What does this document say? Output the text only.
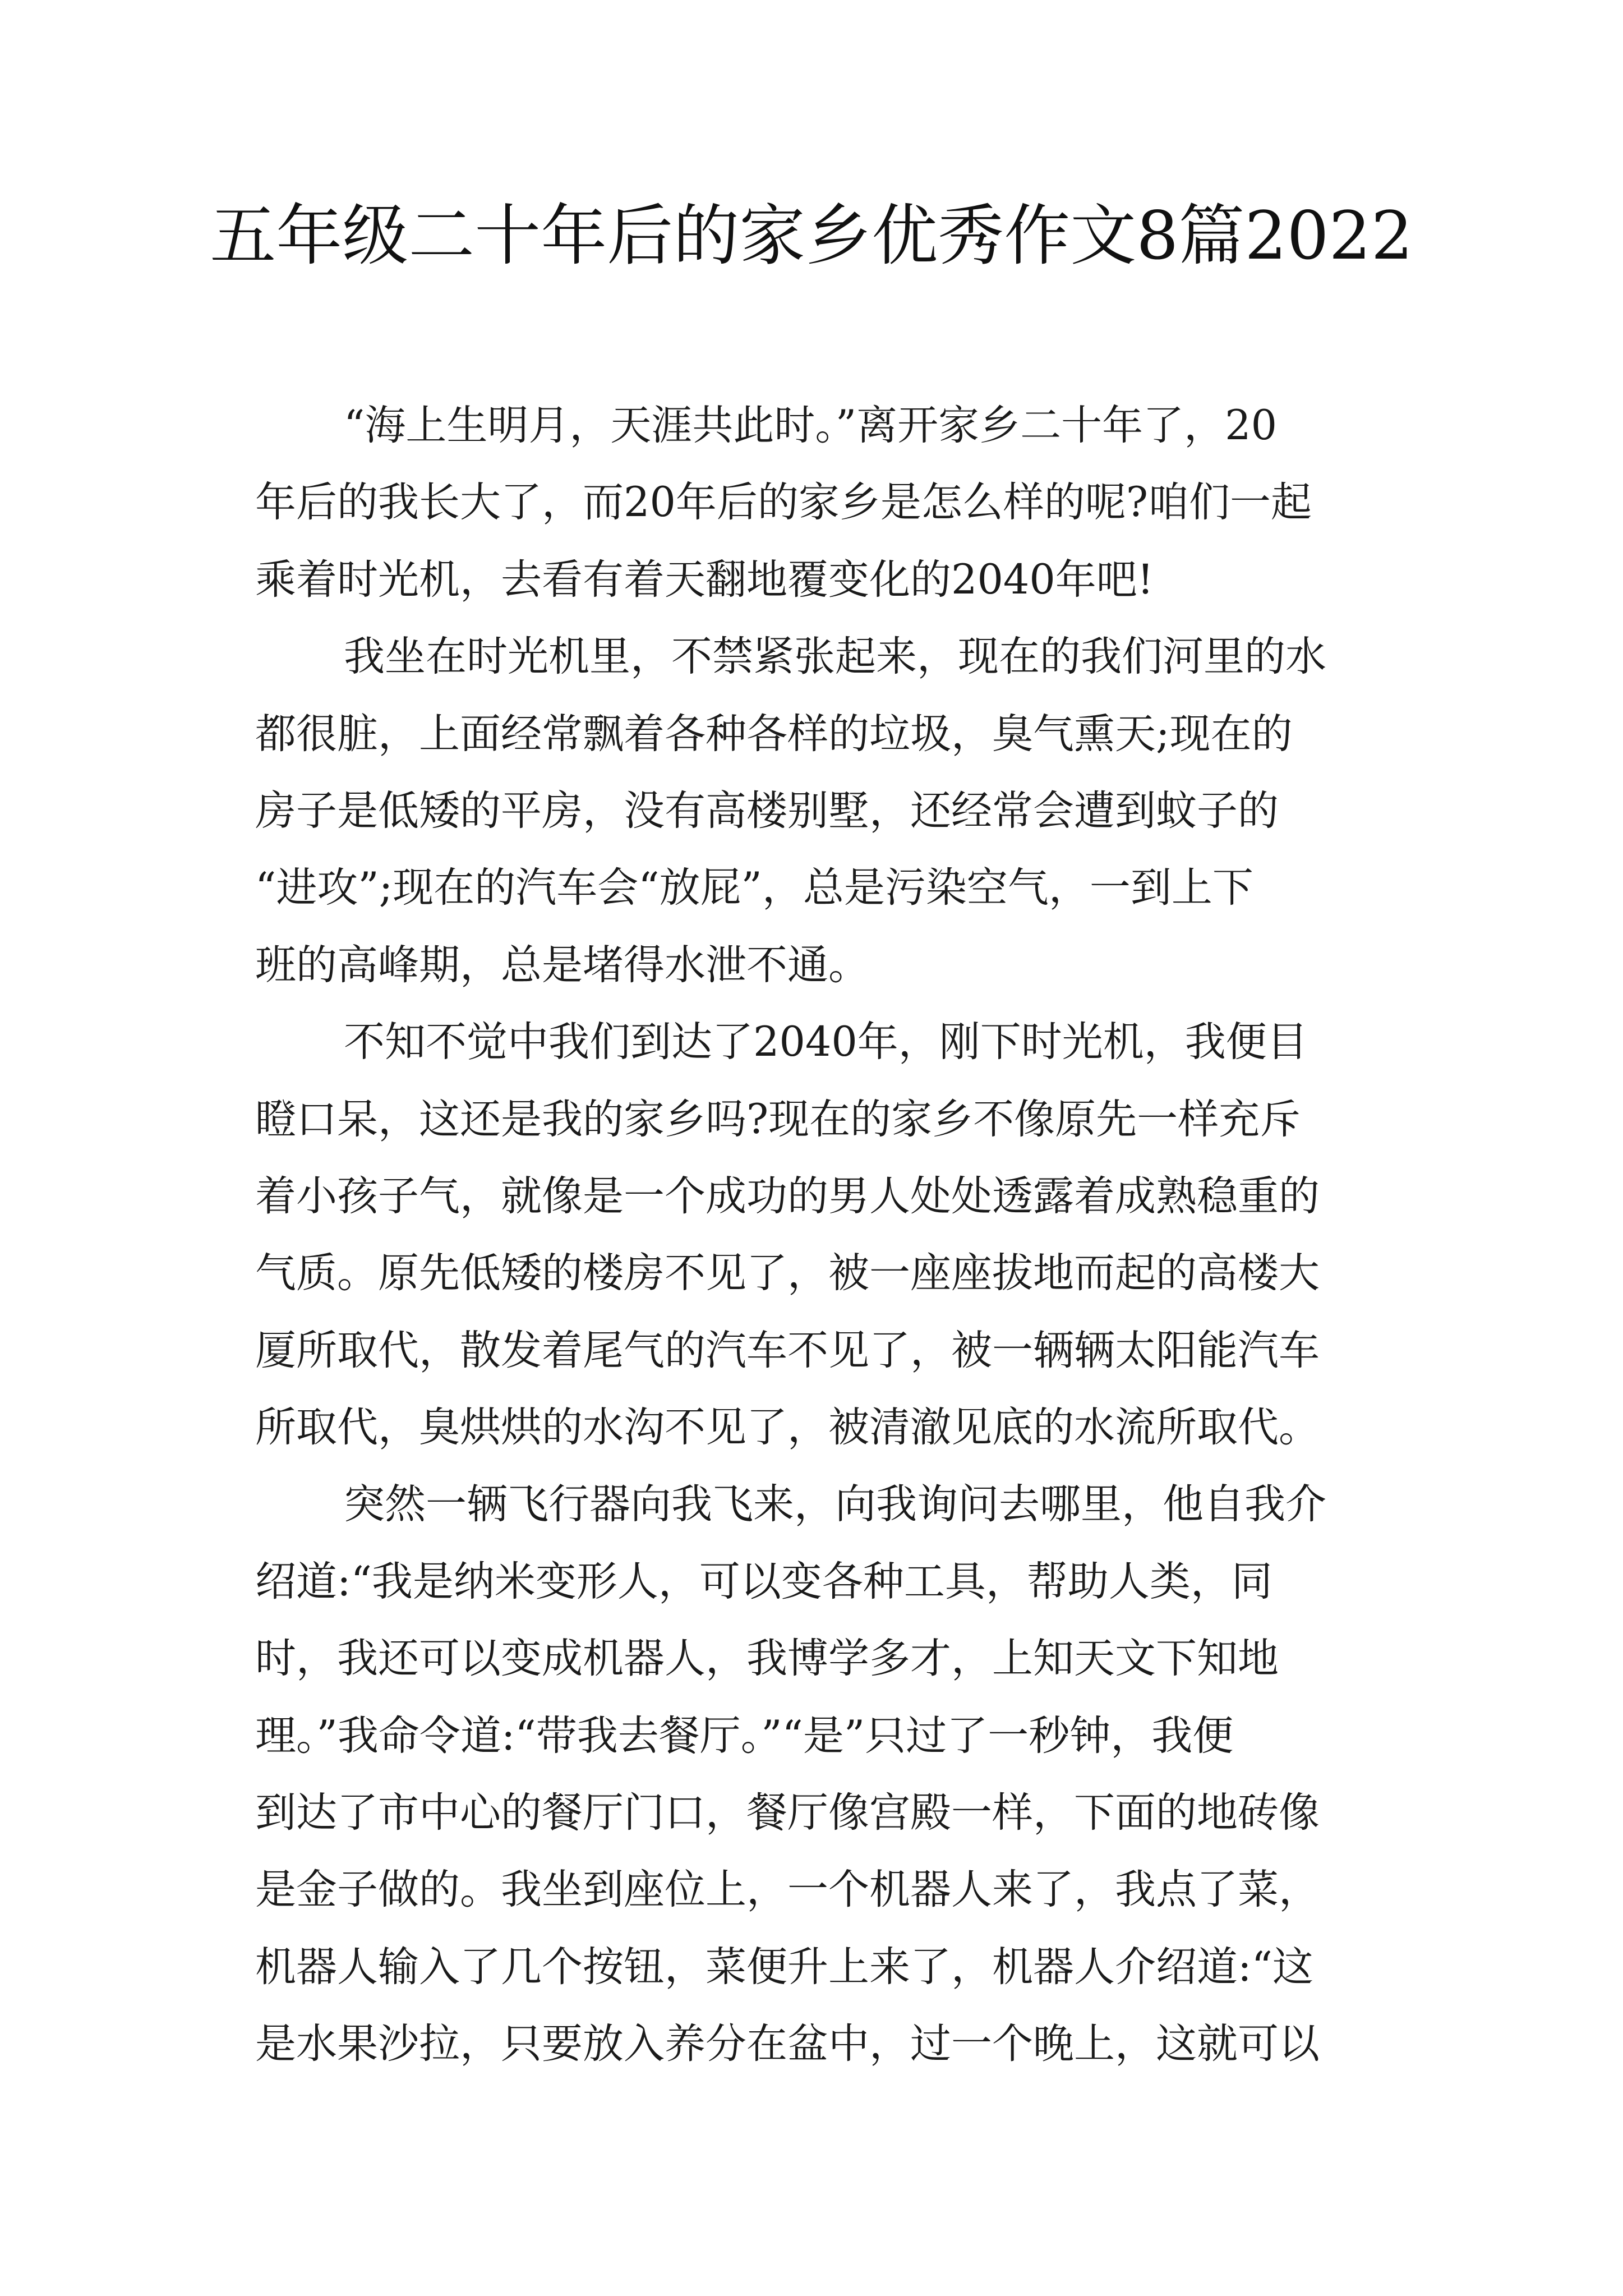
五年级二十年后的家乡优秀作文8篇2022

“海上生明月，天涯共此时。”离开家乡二十年了，20
年后的我长大了，而20年后的家乡是怎么样的呢?咱们一起
乘着时光机，去看有着天翻地覆变化的2040年吧!

我坐在时光机里，不禁紧张起来，现在的我们河里的水
都很脏，上面经常飘着各种各样的垃圾，臭气熏天;现在的
房子是低矮的平房，没有高楼别墅，还经常会遭到蚊子的
“进攻”;现在的汽车会“放屁”，总是污染空气，一到上下
班的高峰期，总是堵得水泄不通。

不知不觉中我们到达了2040年，刚下时光机，我便目
瞪口呆，这还是我的家乡吗?现在的家乡不像原先一样充斥
着小孩子气，就像是一个成功的男人处处透露着成熟稳重的
气质。原先低矮的楼房不见了，被一座座拔地而起的高楼大
厦所取代，散发着尾气的汽车不见了，被一辆辆太阳能汽车
所取代，臭烘烘的水沟不见了，被清澈见底的水流所取代。

突然一辆飞行器向我飞来，向我询问去哪里，他自我介
绍道:“我是纳米变形人，可以变各种工具，帮助人类，同
时，我还可以变成机器人，我博学多才，上知天文下知地
理。”我命令道:“带我去餐厅。”“是”只过了一秒钟，我便
到达了市中心的餐厅门口，餐厅像宫殿一样，下面的地砖像
是金子做的。我坐到座位上，一个机器人来了，我点了菜，
机器人输入了几个按钮，菜便升上来了，机器人介绍道:“这
是水果沙拉，只要放入养分在盆中，过一个晚上，这就可以
